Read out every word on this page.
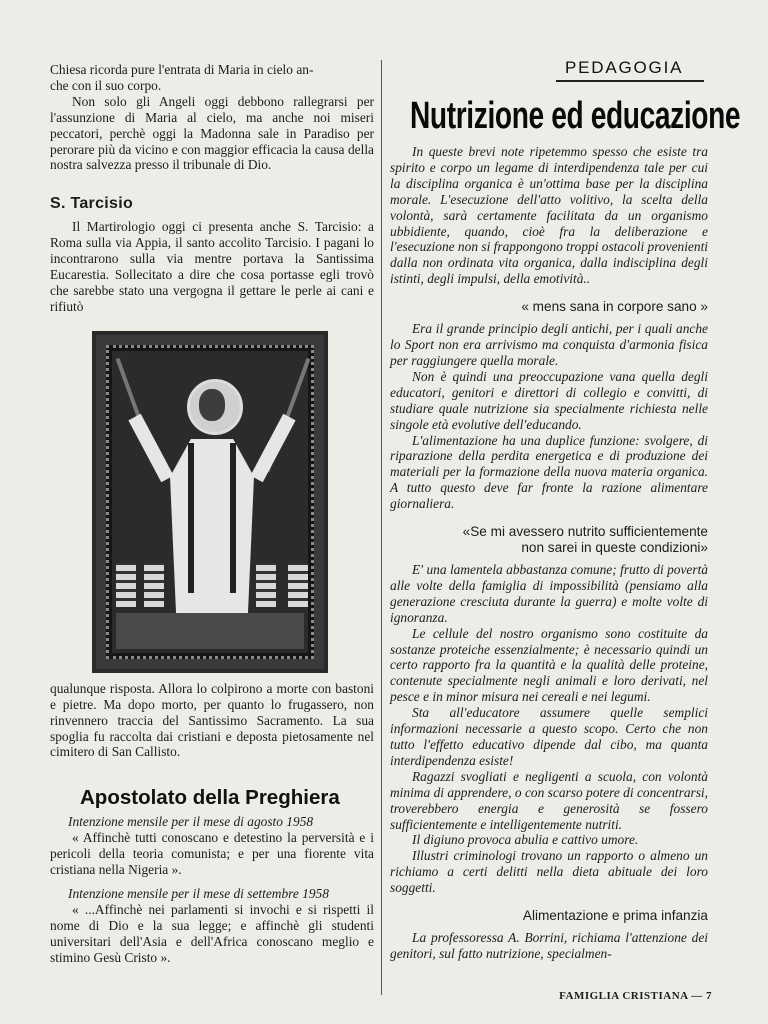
Chiesa ricorda pure l'entrata di Maria in cielo an-

che con il suo corpo.

Non solo gli Angeli oggi debbono rallegrarsi per l'assunzione di Maria al cielo, ma anche noi miseri peccatori, perchè oggi la Madonna sale in Paradiso per perorare più da vicino e con maggior efficacia la causa della nostra salvezza presso il tribunale di Dio.

S. Tarcisio

Il Martirologio oggi ci presenta anche S. Tarcisio: a Roma sulla via Appia, il santo accolito Tarcisio. I pagani lo incontrarono sulla via mentre portava la Santissima Eucarestia. Sollecitato a dire che cosa portasse egli trovò che sarebbe stato una vergogna il gettare le perle ai cani e rifiutò

qualunque risposta. Allora lo colpirono a morte con bastoni e pietre. Ma dopo morto, per quanto lo frugassero, non rinvennero traccia del Santissimo Sacramento. La sua spoglia fu raccolta dai cristiani e deposta pietosamente nel cimitero di San Callisto.

Apostolato della Preghiera
Intenzione mensile per il mese di agosto 1958

« Affinchè tutti conoscano e detestino la perversità e i pericoli della teoria comunista; e per una fiorente vita cristiana nella Nigeria ».

Intenzione mensile per il mese di settembre 1958

« ...Affinchè nei parlamenti si invochi e si rispetti il nome di Dio e la sua legge; e affinchè gli studenti universitari dell'Asia e dell'Africa conoscano meglio e stimino Gesù Cristo ».

PEDAGOGIA
Nutrizione ed educazione

In queste brevi note ripetemmo spesso che esiste tra spirito e corpo un legame di interdipendenza tale per cui la disciplina organica è un'ottima base per la disciplina morale. L'esecuzione dell'atto volitivo, la scelta della volontà, sarà certamente facilitata da un organismo ubbidiente, quando, cioè fra la deliberazione e l'esecuzione non si frappongono troppi ostacoli provenienti dalla non ordinata vita organica, dalla indisciplina degli istinti, degli impulsi, della emotività..

« mens sana in corpore sano »

Era il grande principio degli antichi, per i quali anche lo Sport non era arrivismo ma conquista d'armonia fisica per raggiungere quella morale.

Non è quindi una preoccupazione vana quella degli educatori, genitori e direttori di collegio e convitti, di studiare quale nutrizione sia specialmente richiesta nelle singole età evolutive dell'educando.

L'alimentazione ha una duplice funzione: svolgere, di riparazione della perdita energetica e di produzione dei materiali per la formazione della nuova materia organica. A tutto questo deve far fronte la razione alimentare giornaliera.

«Se mi avessero nutrito sufficientemente
non sarei in queste condizioni»

E' una lamentela abbastanza comune; frutto di povertà alle volte della famiglia di impossibilità (pensiamo alla generazione cresciuta durante la guerra) e molte volte di ignoranza.

Le cellule del nostro organismo sono costituite da sostanze proteiche essenzialmente; è necessario quindi un certo rapporto fra la quantità e la qualità delle proteine, contenute specialmente negli animali e loro derivati, nel pesce e in minor misura nei cereali e nei legumi.

Sta all'educatore assumere quelle semplici informazioni necessarie a questo scopo. Certo che non tutto l'effetto educativo dipende dal cibo, ma quanta interdipendenza esiste!

Ragazzi svogliati e negligenti a scuola, con volontà minima di apprendere, o con scarso potere di concentrarsi, troverebbero energia e generosità se fossero sufficientemente e intelligentemente nutriti.

Il digiuno provoca abulia e cattivo umore.

Illustri criminologi trovano un rapporto o almeno un richiamo a certi delitti nella dieta abituale dei loro soggetti.

Alimentazione e prima infanzia

La professoressa A. Borrini, richiama l'attenzione dei genitori, sul fatto nutrizione, specialmen-

FAMIGLIA CRISTIANA — 7
